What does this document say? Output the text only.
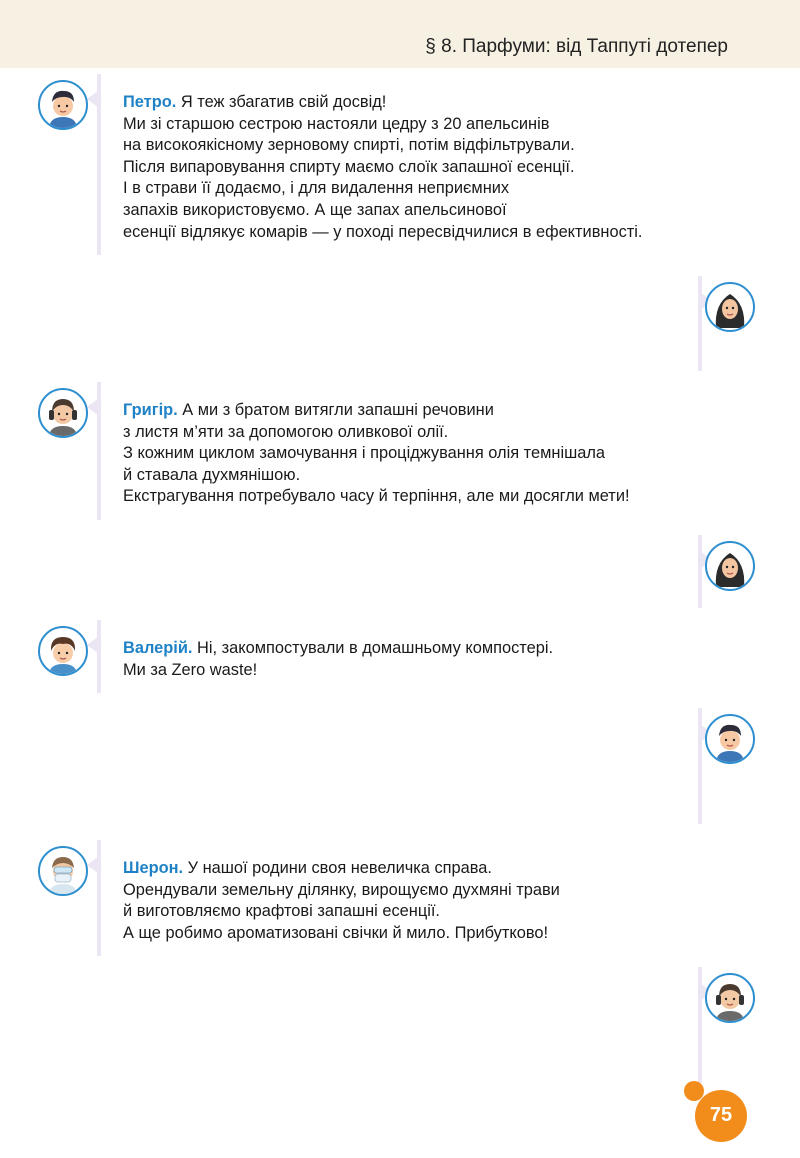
§ 8. Парфуми: від Таппуті дотепер
Петро. Я теж збагатив свій досвід!
Ми зі старшою сестрою настояли цедру з 20 апельсинів
на високоякісному зерновому спирті, потім відфільтрували.
Після випаровування спирту маємо слоїк запашної есенції.
І в страви її додаємо, і для видалення неприємних
запахів використовуємо. А ще запах апельсинової
есенції відлякує комарів — у поході пересвідчилися в ефективності.
Григір. А ми з братом витягли запашні речовини
з листя м’яти за допомогою оливкової олії.
З кожним циклом замочування і проціджування олія темнішала
й ставала духмянішою.
Екстрагування потребувало часу й терпіння, але ми досягли мети!
Валерій. Ні, закомпостували в домашньому компостері.
Ми за Zero waste!
Шерон. У нашої родини своя невеличка справа.
Орендували земельну ділянку, вирощуємо духмяні трави
й виготовляємо крафтові запашні есенції.
А ще робимо ароматизовані свічки й мило. Прибутково!
75
